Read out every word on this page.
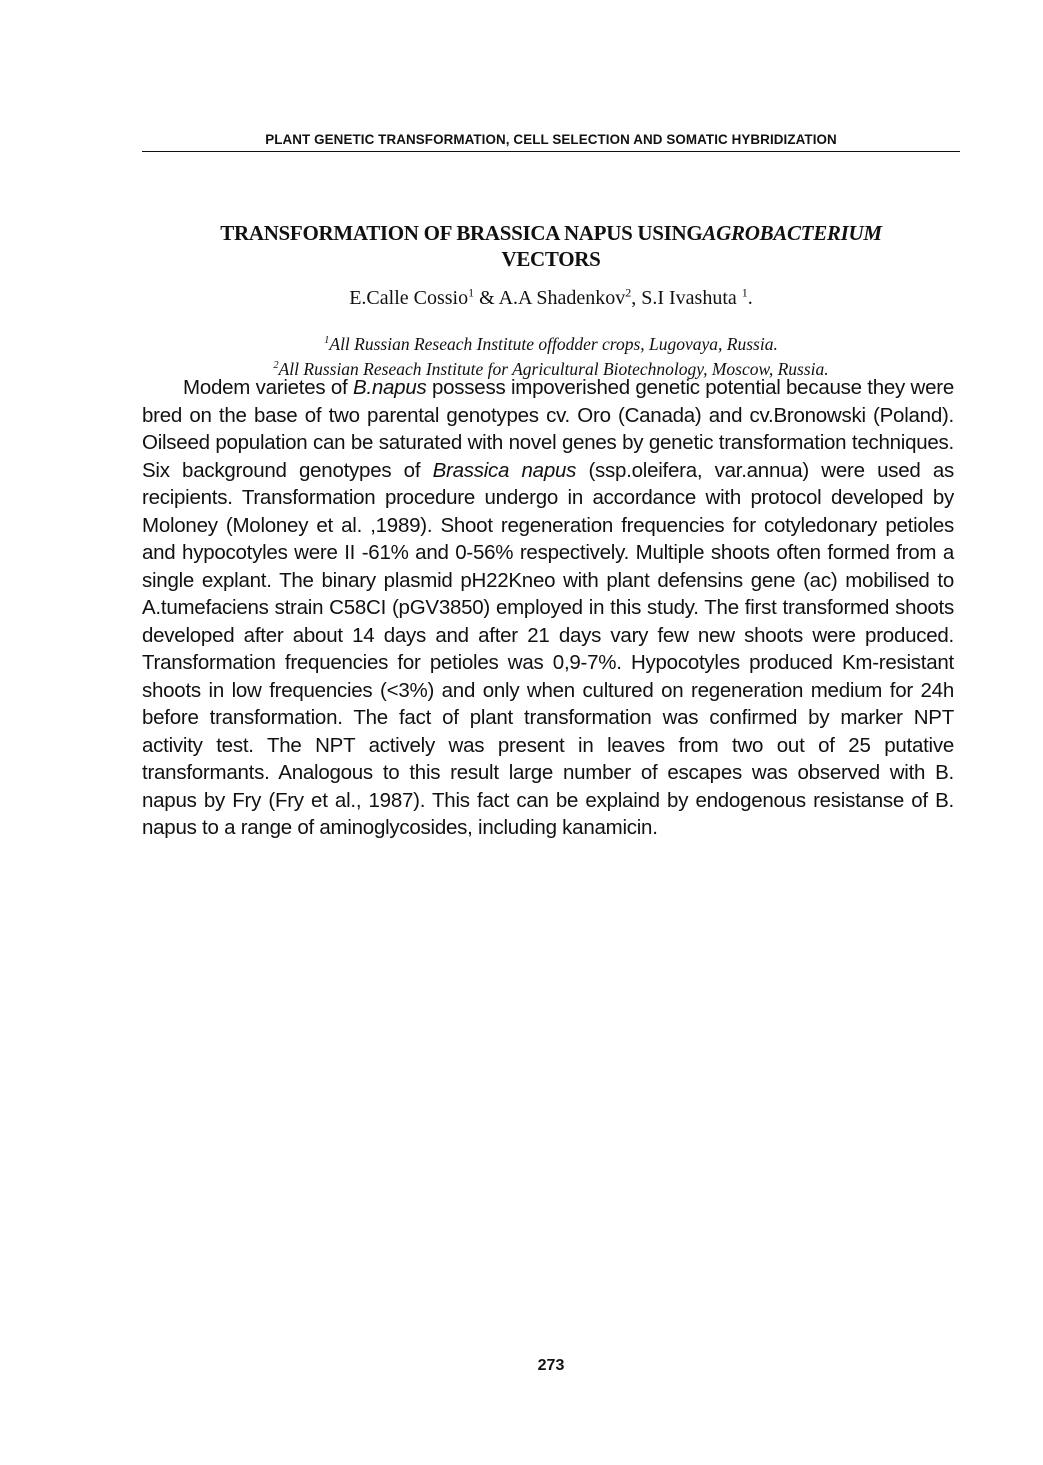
PLANT GENETIC TRANSFORMATION, CELL SELECTION AND SOMATIC HYBRIDIZATION
TRANSFORMATION OF BRASSICA NAPUS USINGAGROBACTERIUM
VECTORS
E.Calle Cossio$^1$ & A.A Shadenkov$^2$, S.I Ivashuta $^1$.
$^1$All Russian Reseach Institute offodder crops, Lugovaya, Russia.
$^2$All Russian Reseach Institute for Agricultural Biotechnology, Moscow, Russia.

Modem varietes of B.napus possess impoverished genetic potential because they were bred on the base of two parental genotypes cv. Oro (Canada) and cv.Bronowski (Poland). Oilseed population can be saturated with novel genes by genetic transformation techniques. Six background genotypes of Brassica napus (ssp.oleifera, var.annua) were used as recipients. Transformation procedure undergo in accordance with protocol developed by Moloney (Moloney et al. ,1989). Shoot regeneration frequencies for cotyledonary petioles and hypocotyles were II -61% and 0-56% respectively. Multiple shoots often formed from a single explant. The binary plasmid pH22Kneo with plant defensins gene (ac) mobilised to A.tumefaciens strain C58CI (pGV3850) employed in this study. The first transformed shoots developed after about 14 days and after 21 days vary few new shoots were produced. Transformation frequencies for petioles was 0,9-7%. Hypocotyles produced Km-resistant shoots in low frequencies (<3%) and only when cultured on regeneration medium for 24h before transformation. The fact of plant transformation was confirmed by marker NPT activity test. The NPT actively was present in leaves from two out of 25 putative transformants. Analogous to this result large number of escapes was observed with B. napus by Fry (Fry et al., 1987). This fact can be explaind by endogenous resistanse of B. napus to a range of aminoglycosides, including kanamicin.

273
